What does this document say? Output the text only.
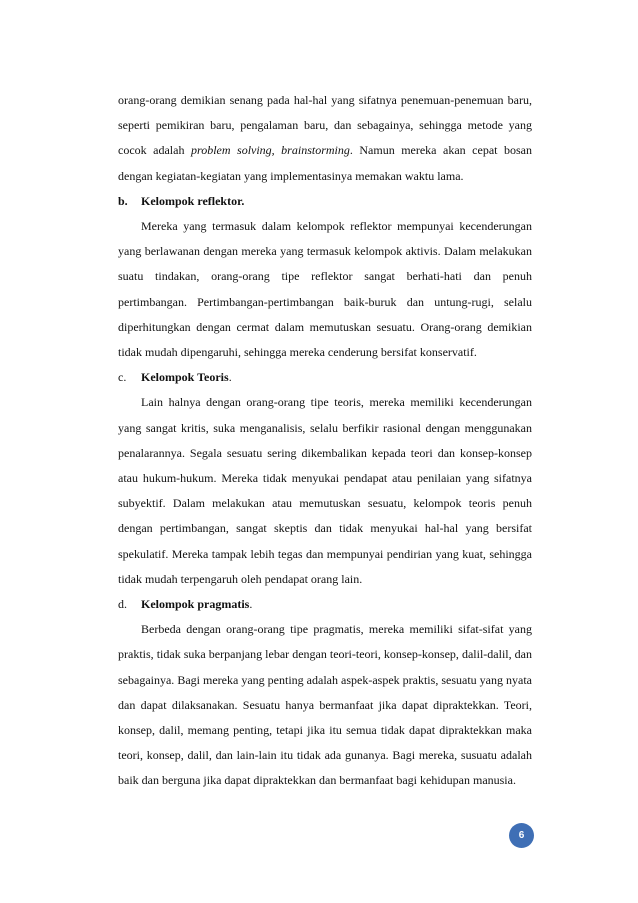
orang-orang demikian senang pada hal-hal yang sifatnya penemuan-penemuan baru, seperti pemikiran baru, pengalaman baru, dan sebagainya, sehingga metode yang cocok adalah problem solving, brainstorming. Namun mereka akan cepat bosan dengan kegiatan-kegiatan yang implementasinya memakan waktu lama.

b.	Kelompok reflektor.

Mereka yang termasuk dalam kelompok reflektor mempunyai kecenderungan yang berlawanan dengan mereka yang termasuk kelompok aktivis. Dalam melakukan suatu tindakan, orang-orang tipe reflektor sangat berhati-hati dan penuh pertimbangan. Pertimbangan-pertimbangan baik-buruk dan untung-rugi, selalu diperhitungkan dengan cermat dalam memutuskan sesuatu. Orang-orang demikian tidak mudah dipengaruhi, sehingga mereka cenderung bersifat konservatif.

c.	Kelompok Teoris.

Lain halnya dengan orang-orang tipe teoris, mereka memiliki kecenderungan yang sangat kritis, suka menganalisis, selalu berfikir rasional dengan menggunakan penalarannya. Segala sesuatu sering dikembalikan kepada teori dan konsep-konsep atau hukum-hukum. Mereka tidak menyukai pendapat atau penilaian yang sifatnya subyektif. Dalam melakukan atau memutuskan sesuatu, kelompok teoris penuh dengan pertimbangan, sangat skeptis dan tidak menyukai hal-hal yang bersifat spekulatif. Mereka tampak lebih tegas dan mempunyai pendirian yang kuat, sehingga tidak mudah terpengaruh oleh pendapat orang lain.

d.	Kelompok pragmatis.

Berbeda dengan orang-orang tipe pragmatis, mereka memiliki sifat-sifat yang praktis, tidak suka berpanjang lebar dengan teori-teori, konsep-konsep, dalil-dalil, dan sebagainya. Bagi mereka yang penting adalah aspek-aspek praktis, sesuatu yang nyata dan dapat dilaksanakan. Sesuatu hanya bermanfaat jika dapat dipraktekkan. Teori, konsep, dalil, memang penting, tetapi jika itu semua tidak dapat dipraktekkan maka teori, konsep, dalil, dan lain-lain itu tidak ada gunanya. Bagi mereka, susuatu adalah baik dan berguna jika dapat dipraktekkan dan bermanfaat bagi kehidupan manusia.

6
